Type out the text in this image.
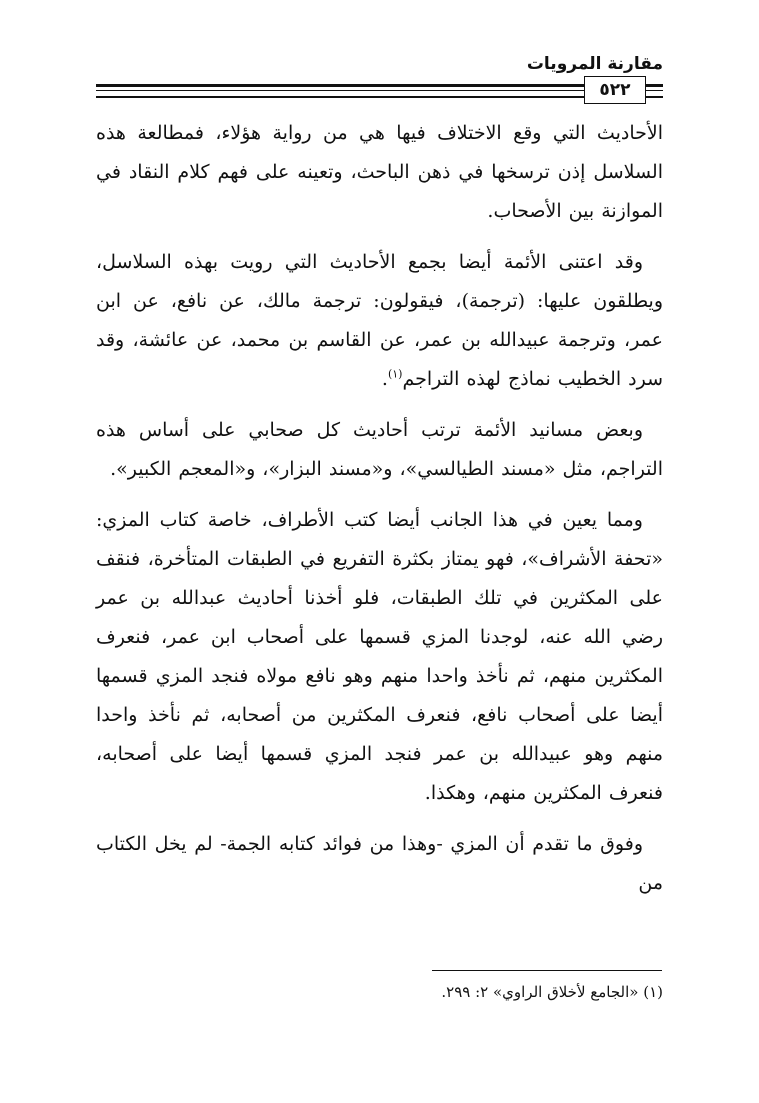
مقارنة المرويات
٥٢٢

الأحاديث التي وقع الاختلاف فيها هي من رواية هؤلاء، فمطالعة هذه السلاسل إذن ترسخها في ذهن الباحث، وتعينه على فهم كلام النقاد في الموازنة بين الأصحاب.

وقد اعتنى الأئمة أيضا بجمع الأحاديث التي رويت بهذه السلاسل، ويطلقون عليها: (ترجمة)، فيقولون: ترجمة مالك، عن نافع، عن ابن عمر، وترجمة عبيدالله بن عمر، عن القاسم بن محمد، عن عائشة، وقد سرد الخطيب نماذج لهذه التراجم$^{(١)}$.

وبعض مسانيد الأئمة ترتب أحاديث كل صحابي على أساس هذه التراجم، مثل «مسند الطيالسي»، و«مسند البزار»، و«المعجم الكبير».

ومما يعين في هذا الجانب أيضا كتب الأطراف، خاصة كتاب المزي: «تحفة الأشراف»، فهو يمتاز بكثرة التفريع في الطبقات المتأخرة، فنقف على المكثرين في تلك الطبقات، فلو أخذنا أحاديث عبدالله بن عمر رضي الله عنه، لوجدنا المزي قسمها على أصحاب ابن عمر، فنعرف المكثرين منهم، ثم نأخذ واحدا منهم وهو نافع مولاه فنجد المزي قسمها أيضا على أصحاب نافع، فنعرف المكثرين من أصحابه، ثم نأخذ واحدا منهم وهو عبيدالله بن عمر فنجد المزي قسمها أيضا على أصحابه، فنعرف المكثرين منهم، وهكذا.

وفوق ما تقدم أن المزي -وهذا من فوائد كتابه الجمة- لم يخل الكتاب من

(١) «الجامع لأخلاق الراوي» ٢: ٢٩٩.
